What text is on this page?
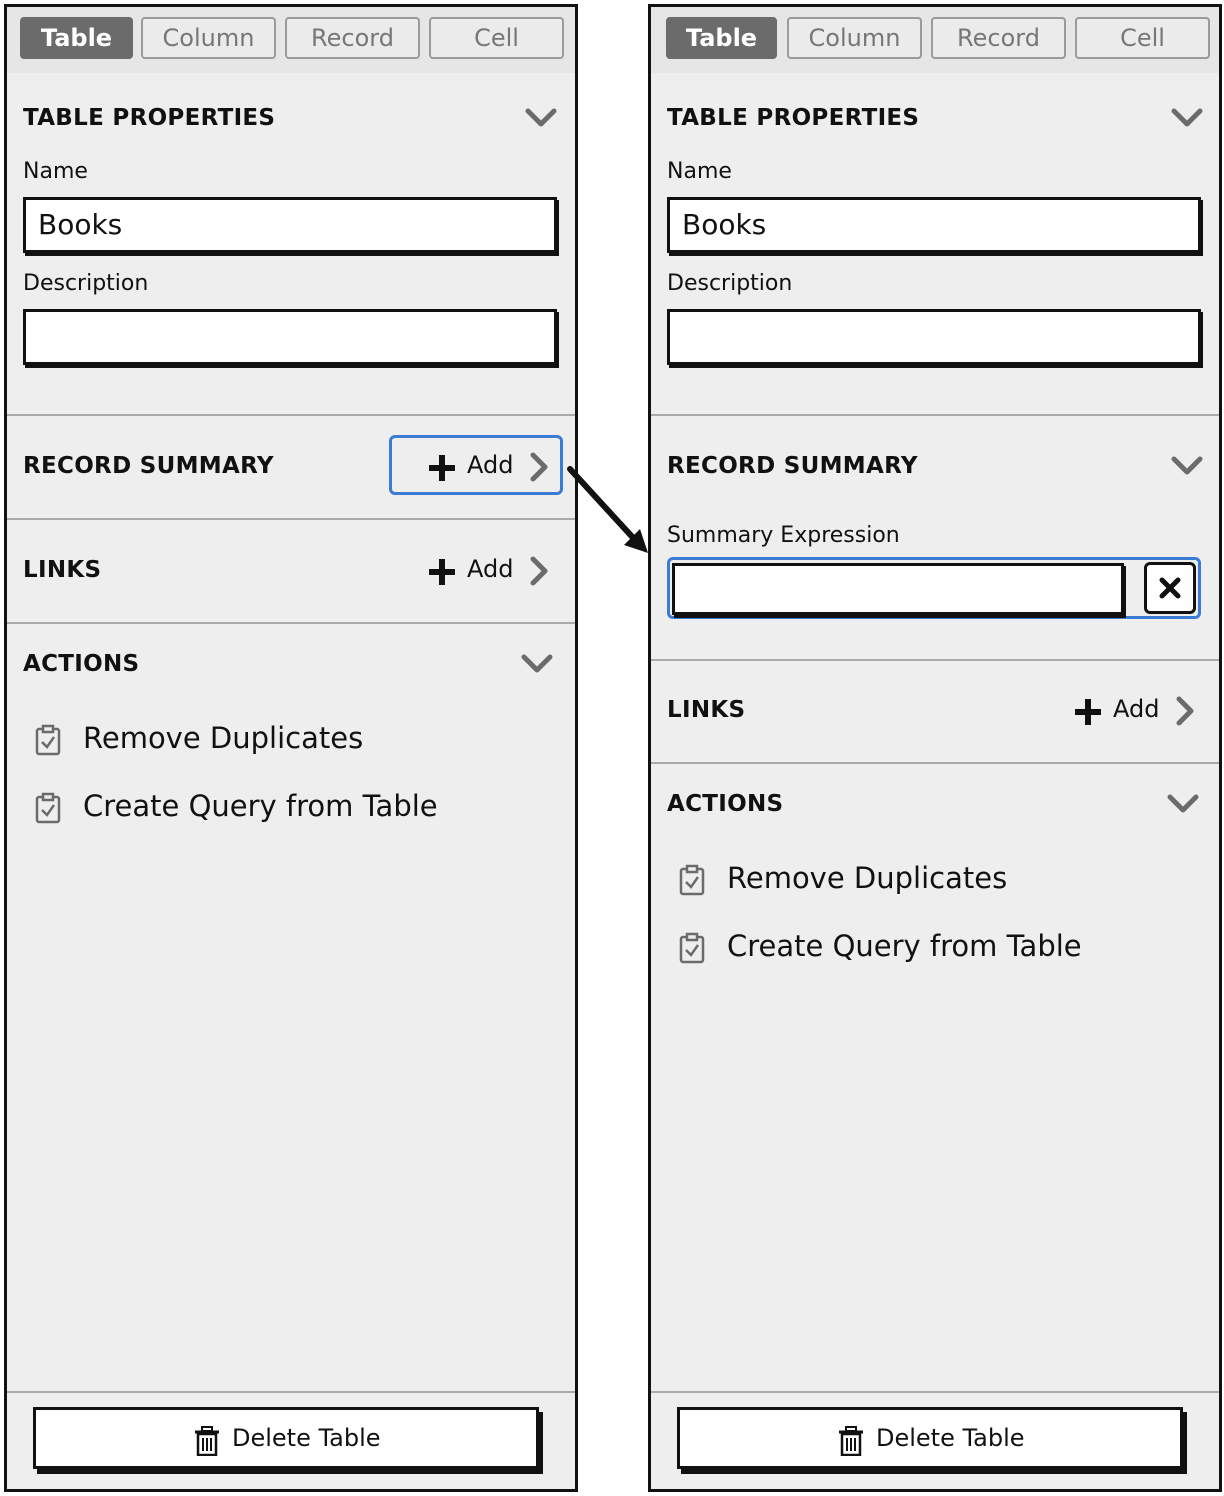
Table	Column	Record	Cell
TABLE PROPERTIES
Name
Books
Description
RECORD SUMMARY	Add
LINKS	Add
ACTIONS
Remove Duplicates
Create Query from Table
Delete Table
Table	Column	Record	Cell
TABLE PROPERTIES
Name
Books
Description
RECORD SUMMARY
Summary Expression
LINKS	Add
ACTIONS
Remove Duplicates
Create Query from Table
Delete Table
